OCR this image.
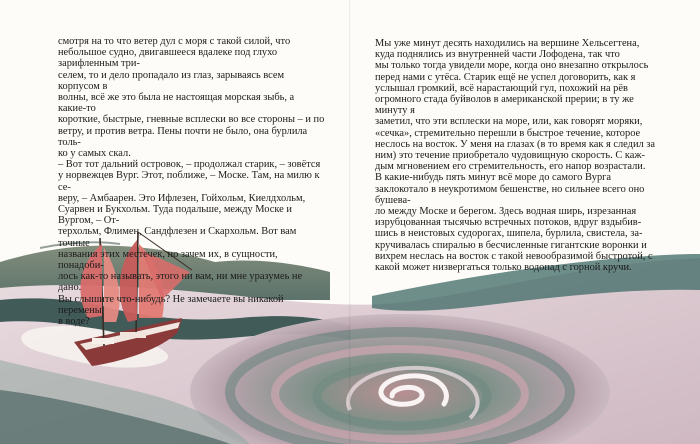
смотря на то что ветер дул с моря с такой силой, что небольшое судно, двигавшееся вдалеке под глухо зарифленным три-
селем, то и дело пропадало из глаз, зарываясь всем корпусом в
волны, всё же это была не настоящая морская зыбь, а какие-то
короткие, быстрые, гневные всплески во все стороны – и по
ветру, и против ветра. Пены почти не было, она бурлила толь-
ко у самых скал.
– Вот тот дальний островок, – продолжал старик, – зовётся
у норвежцев Вург. Этот, поближе, – Моске. Там, на милю к се-
веру, – Амбаарен. Это Ифлезен, Гойхольм, Киелдхольм, Суарвен и Букхольм. Туда подальше, между Моске и Вургом, – От-
терхольм, Флимен, Сандфлезен и Скархольм. Вот вам точные
названия этих местечек, но зачем их, в сущности, понадоби-
лось как-то называть, этого ни вам, ни мне уразумеь не дано.
Вы слышите что-нибудь? Не замечаете вы никакой перемены
в воде?
Мы уже минут десять находились на вершине Хельсегтена, куда поднялись из внутренней части Лофодена, так что
мы только тогда увидели море, когда оно внезапно открылось
перед нами с утёса. Старик ещё не успел договорить, как я
услышал громкий, всё нарастающий гул, похожий на рёв огромного стада буйволов в американской прерии; в ту же минуту я
заметил, что эти всплески на море, или, как говорят моряки,
«сечка», стремительно перешли в быстрое течение, которое
неслось на восток. У меня на глазах (в то время как я следил за
ним) это течение приобретало чудовищную скорость. С каж-
дым мгновением его стремительность, его напор возрастали.
В какие-нибудь пять минут всё море до самого Вурга заклокотало в неукротимом бешенстве, но сильнее всего оно бушева-
ло между Моске и берегом. Здесь водная ширь, изрезанная
изрубцованная тысячью встречных потоков, вдруг вздыбив-
шись в неистовых судорогах, шипела, бурлила, свистела, за-
кручивалась спиралью в бесчисленные гигантские воронки и
вихрем неслась на восток с такой невообразимой быстротой, с
какой может низвергаться только водопад с горной кручи.
